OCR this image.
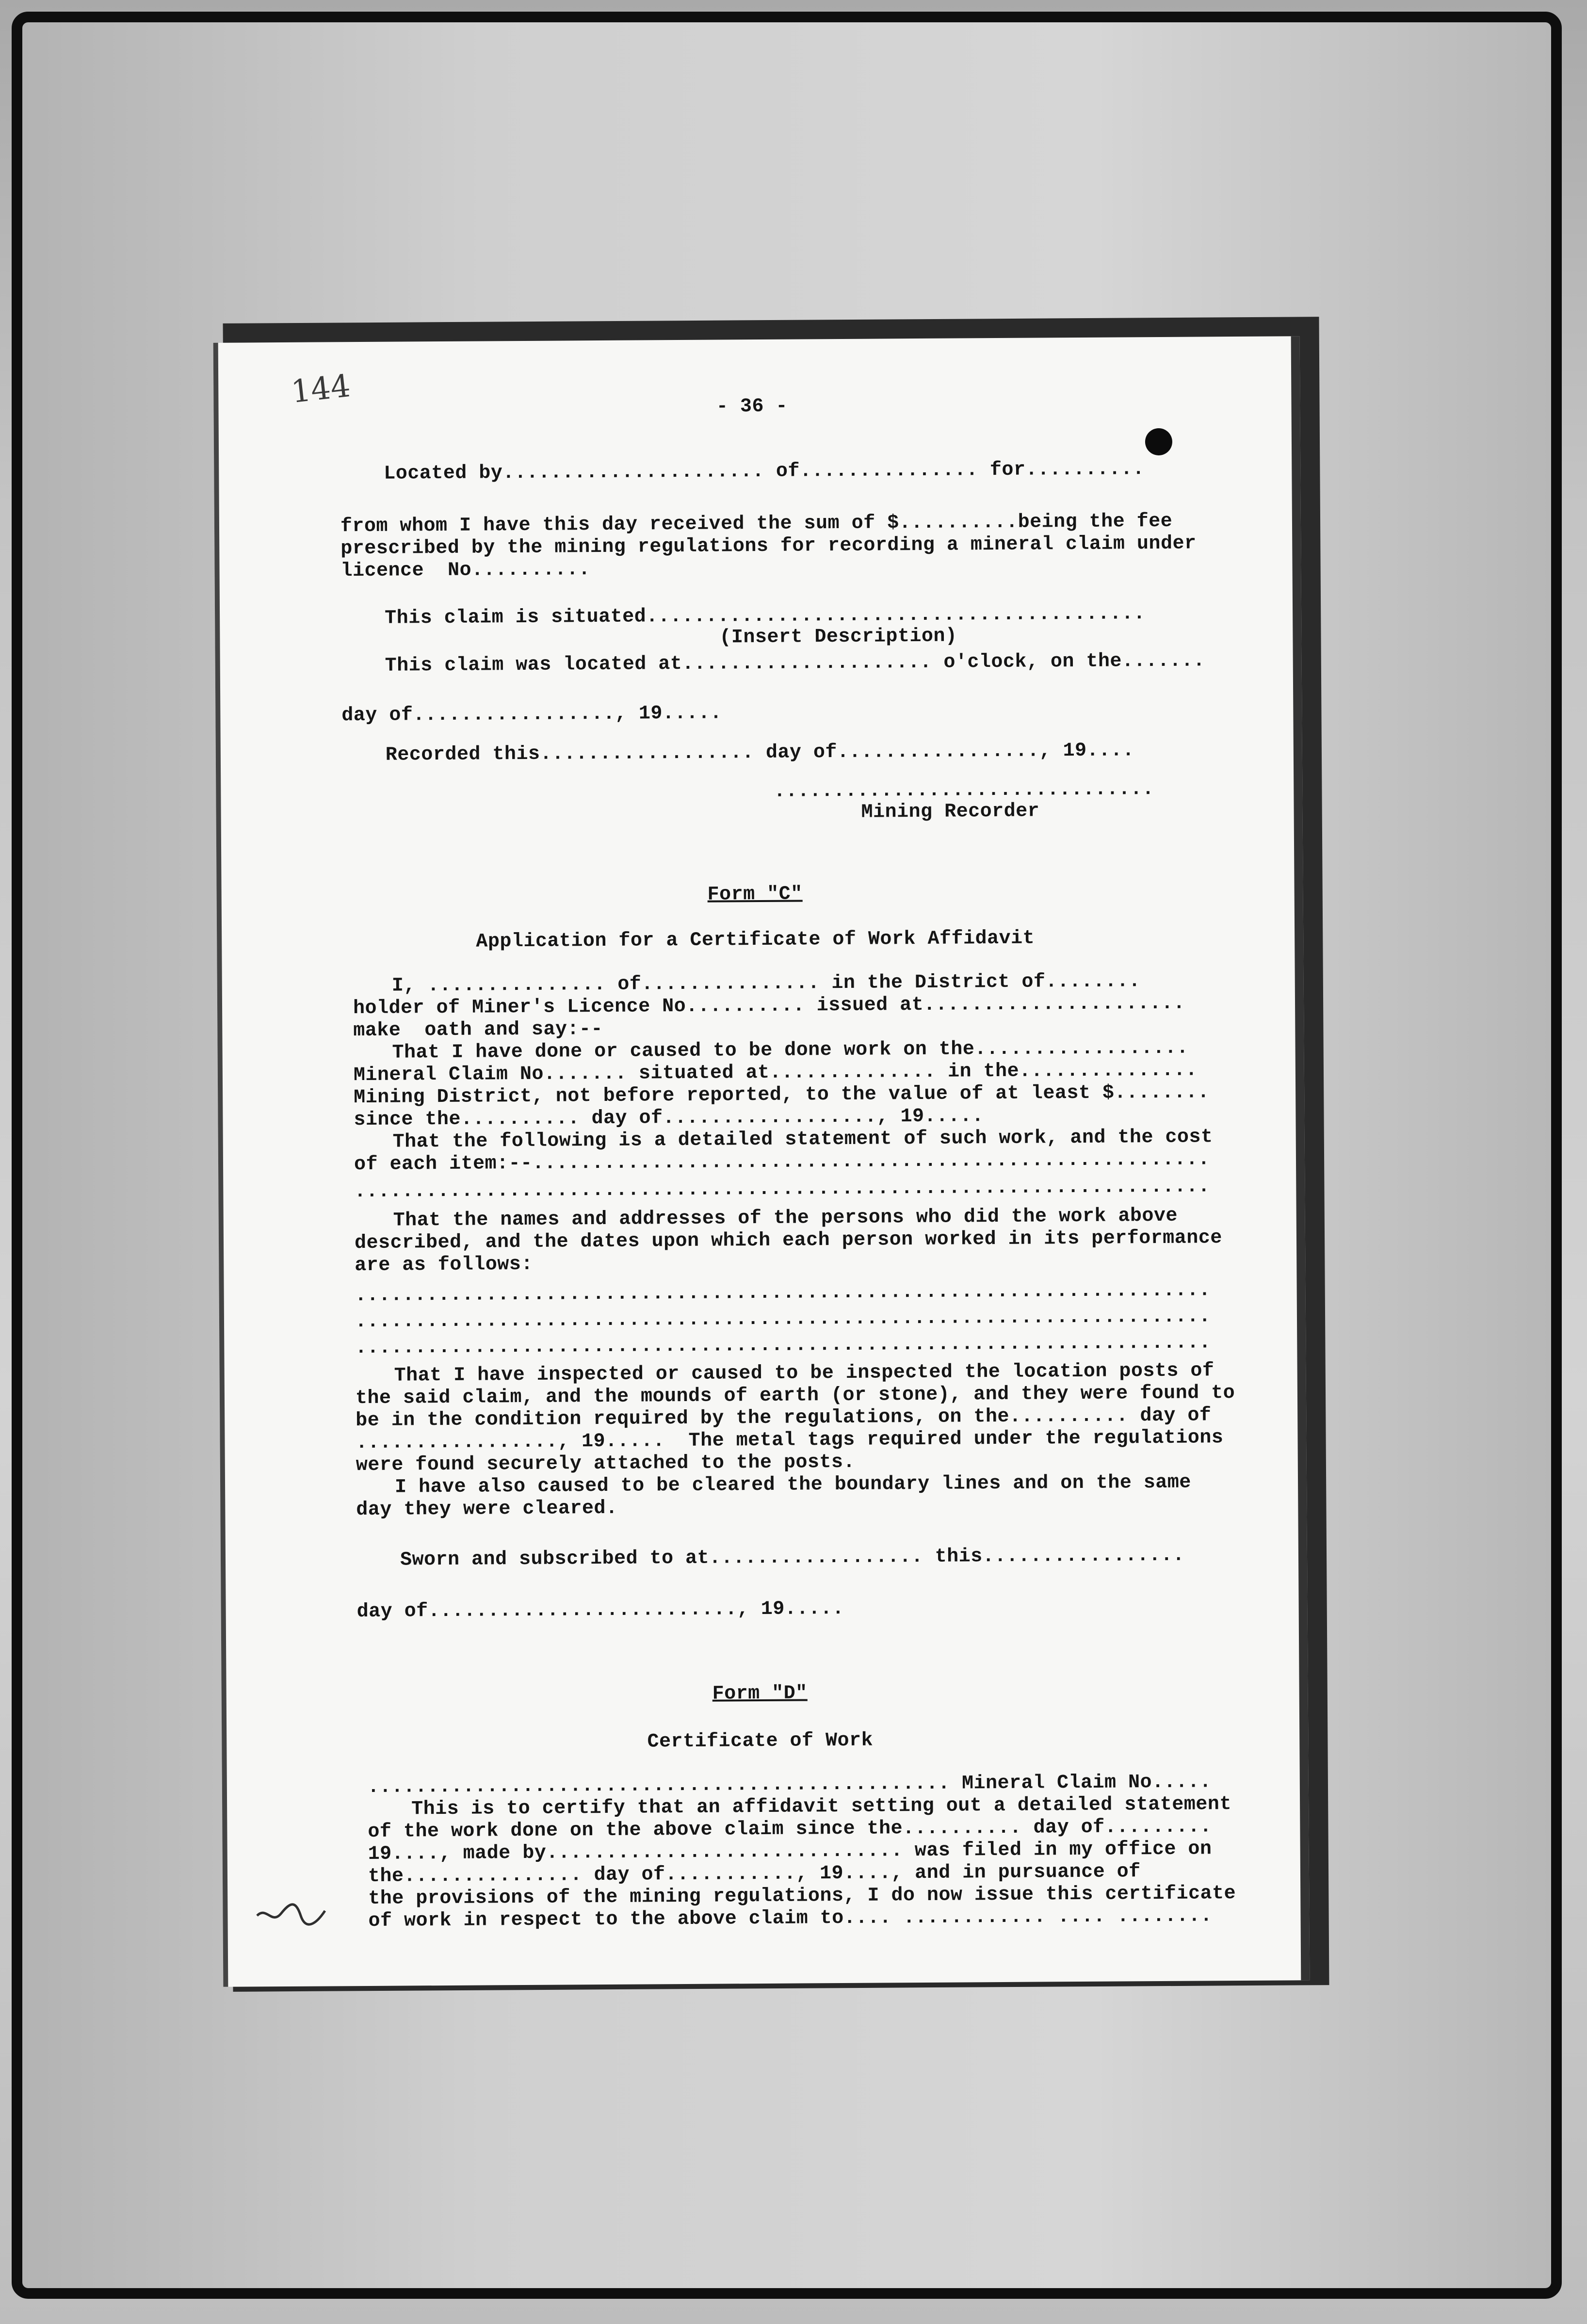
144	- 36 -
Located by...................... of............... for..........
from whom I have this day received the sum of $..........being the fee
prescribed by the mining regulations for recording a mineral claim under
licence  No..........
This claim is situated..........................................
(Insert Description)
This claim was located at..................... o'clock, on the.......
day of................., 19.....
Recorded this.................. day of................., 19....
................................
Mining Recorder
Form "C"
Application for a Certificate of Work Affidavit
I, ............... of............... in the District of........
holder of Miner's Licence No.......... issued at......................
make  oath and say:--
That I have done or caused to be done work on the..................
Mineral Claim No....... situated at.............. in the...............
Mining District, not before reported, to the value of at least $........
since the.......... day of.................., 19.....
That the following is a detailed statement of such work, and the cost
of each item:--.........................................................
........................................................................
That the names and addresses of the persons who did the work above
described, and the dates upon which each person worked in its performance
are as follows:
........................................................................
........................................................................
........................................................................
That I have inspected or caused to be inspected the location posts of
the said claim, and the mounds of earth (or stone), and they were found to
be in the condition required by the regulations, on the.......... day of
................., 19.....  The metal tags required under the regulations
were found securely attached to the posts.
I have also caused to be cleared the boundary lines and on the same
day they were cleared.
Sworn and subscribed to at.................. this.................
day of.........................., 19.....
Form "D"
Certificate of Work
................................................. Mineral Claim No.....
This is to certify that an affidavit setting out a detailed statement
of the work done on the above claim since the.......... day of.........
19...., made by.............................. was filed in my office on
the............... day of..........., 19...., and in pursuance of
the provisions of the mining regulations, I do now issue this certificate
of work in respect to the above claim to.... ............ .... ........
